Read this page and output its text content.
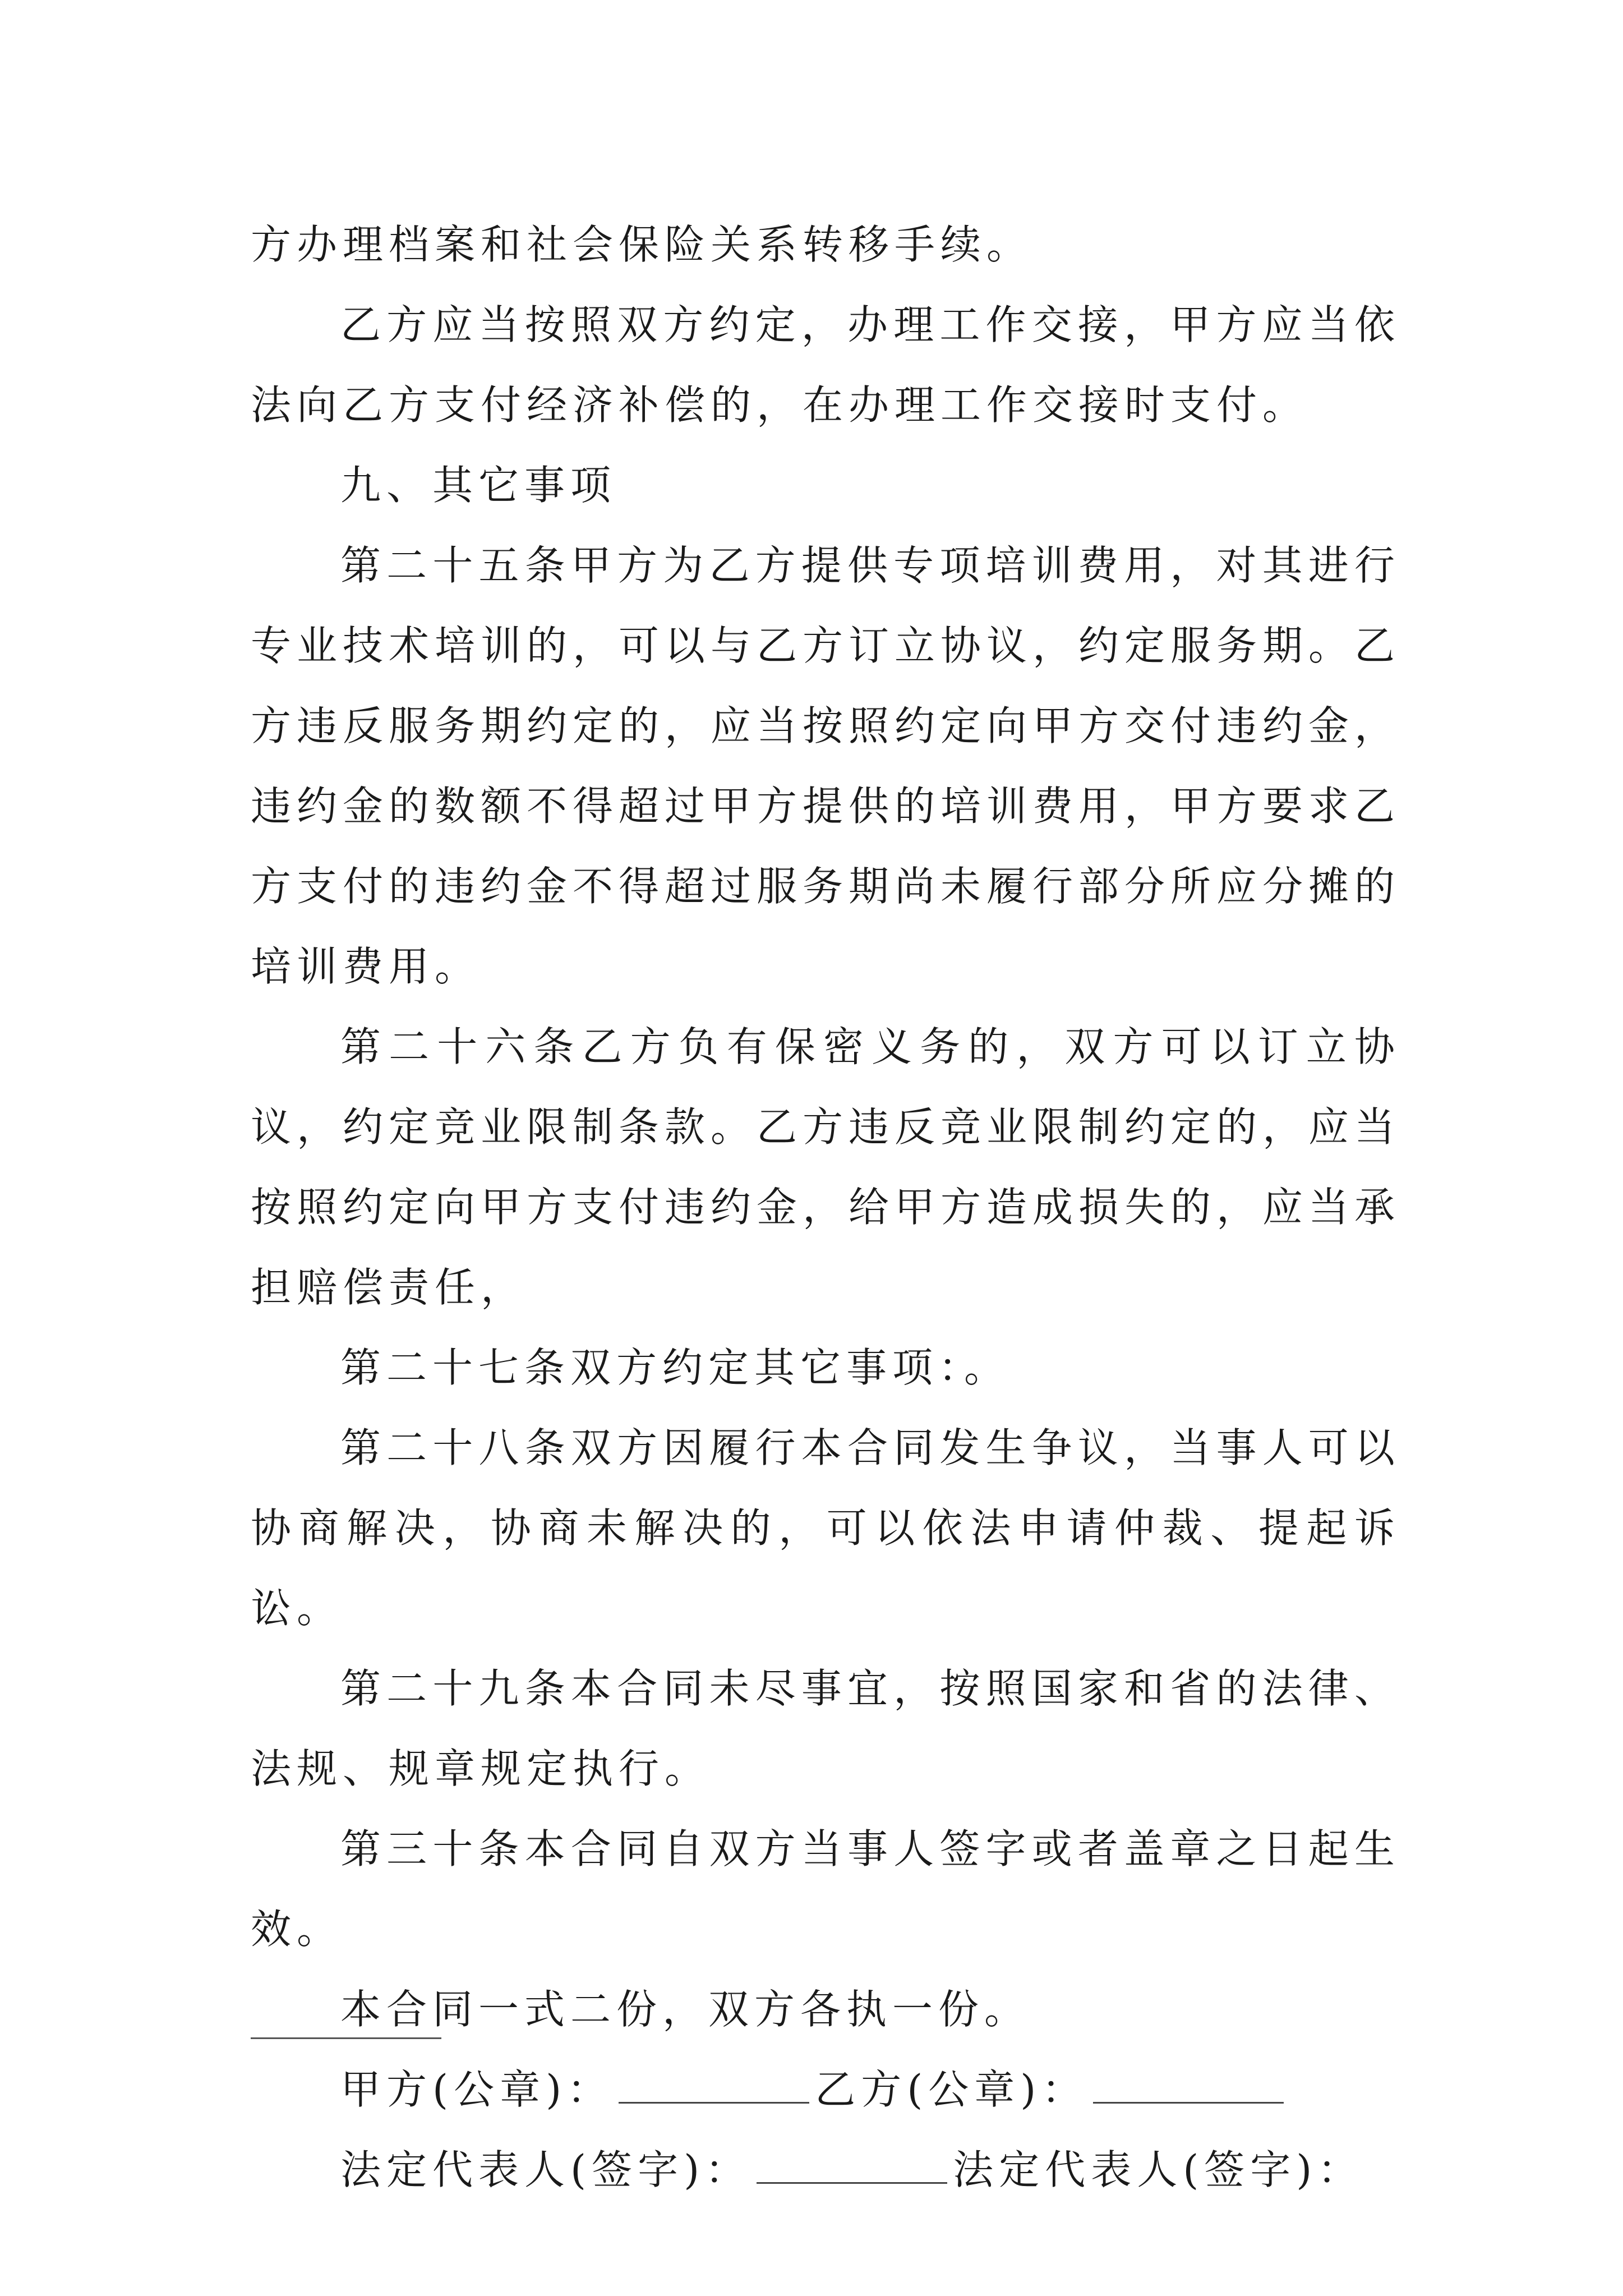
方办理档案和社会保险关系转移手续。

乙方应当按照双方约定，办理工作交接，甲方应当依法向乙方支付经济补偿的，在办理工作交接时支付。

九、其它事项

第二十五条甲方为乙方提供专项培训费用，对其进行专业技术培训的，可以与乙方订立协议，约定服务期。乙方违反服务期约定的，应当按照约定向甲方交付违约金，违约金的数额不得超过甲方提供的培训费用，甲方要求乙方支付的违约金不得超过服务期尚未履行部分所应分摊的培训费用。

第二十六条乙方负有保密义务的，双方可以订立协议，约定竞业限制条款。乙方违反竞业限制约定的，应当按照约定向甲方支付违约金，给甲方造成损失的，应当承担赔偿责任，

第二十七条双方约定其它事项：。

第二十八条双方因履行本合同发生争议，当事人可以协商解决，协商未解决的，可以依法申请仲裁、提起诉讼。

第二十九条本合同未尽事宜，按照国家和省的法律、法规、规章规定执行。

第三十条本合同自双方当事人签字或者盖章之日起生效。

本合同一式二份，双方各执一份。

甲方(公章)：	乙方(公章)：

法定代表人(签字)：	法定代表人(签字)：
